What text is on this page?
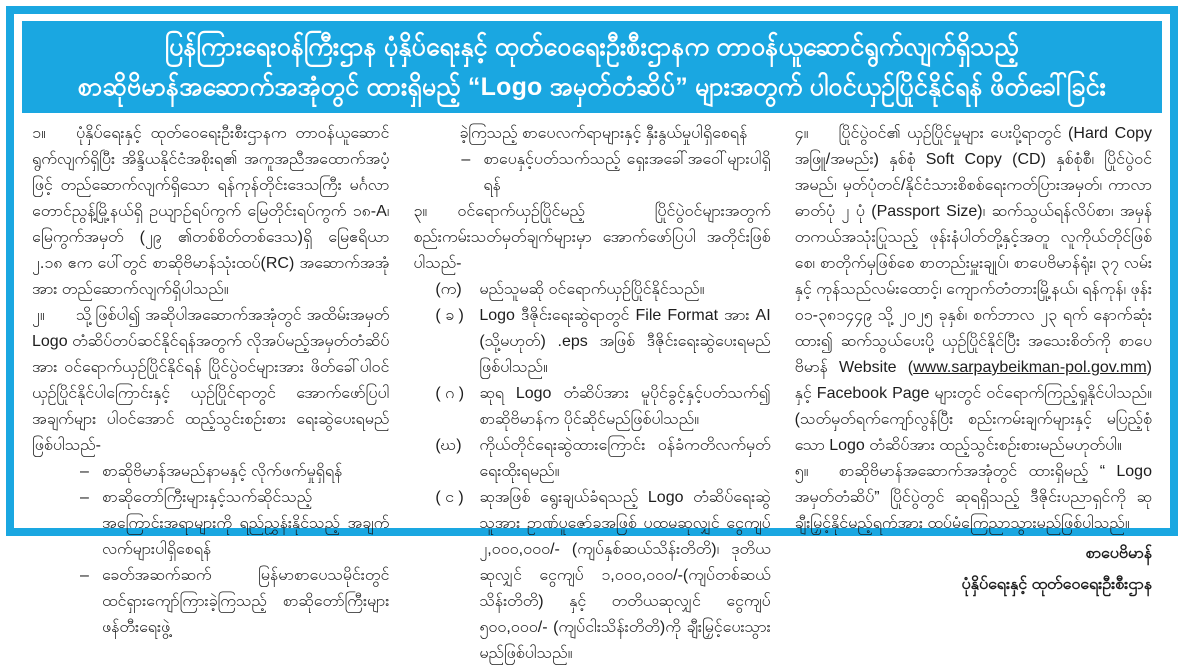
ပြန်ကြားရေးဝန်ကြီးဌာန ပုံနှိပ်ရေးနှင့် ထုတ်ဝေရေးဦးစီးဌာနက တာဝန်ယူဆောင်ရွက်လျက်ရှိသည့်
စာဆိုဗိမာန်အဆောက်အအုံတွင် ထားရှိမည့် “Logo အမှတ်တံဆိပ်” များအတွက် ပါဝင်ယှဉ်ပြိုင်နိုင်ရန် ဖိတ်ခေါ်ခြင်း
၁။ ပုံနှိပ်ရေးနှင့် ထုတ်ဝေရေးဦးစီးဌာနက တာဝန်ယူဆောင်ရွက်လျက်ရှိပြီး အိန္ဒိယနိုင်ငံအစိုးရ၏ အကူအညီအထောက်အပံ့ဖြင့် တည်ဆောက်လျက်ရှိသော ရန်ကုန်တိုင်းဒေသကြီး မင်္ဂလာတောင်ညွန့်မြို့နယ်ရှိ ဥယျာဉ်ရပ်ကွက် မြေတိုင်းရပ်ကွက် ၁၈-A၊ မြေကွက်အမှတ် (၂၉ ၏တစ်စိတ်တစ်ဒေသ)ရှိ မြေဧရိယာ ၂.၁၈ ဧက ပေါ်တွင် စာဆိုဗိမာန်သုံးထပ်(RC) အဆောက်အအုံအား တည်ဆောက်လျက်ရှိပါသည်။
၂။ သို့ဖြစ်ပါ၍ အဆိုပါအဆောက်အအုံတွင် အထိမ်းအမှတ် Logo တံဆိပ်တပ်ဆင်နိုင်ရန်အတွက် လိုအပ်မည့်အမှတ်တံဆိပ်အား ဝင်ရောက်ယှဉ်ပြိုင်နိုင်ရန် ပြိုင်ပွဲဝင်များအား ဖိတ်ခေါ်ပါဝင်ယှဉ်ပြိုင်နိုင်ပါကြောင်းနှင့် ယှဉ်ပြိုင်ရာတွင် အောက်ဖော်ပြပါအချက်များ ပါဝင်အောင် ထည့်သွင်းစဉ်းစား ရေးဆွဲပေးရမည်ဖြစ်ပါသည်-
– စာဆိုဗိမာန်အမည်နာမနှင့် လိုက်ဖက်မှုရှိရန်
– စာဆိုတော်ကြီးများနှင့်သက်ဆိုင်သည့်အကြောင်းအရာများကို ရည်ညွှန်းနိုင်သည့် အချက်လက်များပါရှိစေရန်
– ခေတ်အဆက်ဆက် မြန်မာစာပေသမိုင်းတွင် ထင်ရှားကျော်ကြားခဲ့ကြသည့် စာဆိုတော်ကြီးများ ဖန်တီးရေးဖွဲ့
ခဲ့ကြသည့် စာပေလက်ရာများနှင့် နှီးနွယ်မှုပါရှိစေရန်
– စာပေနှင့်ပတ်သက်သည့် ရှေးအခေါ်အဝေါ်များပါရှိရန်
၃။ ဝင်ရောက်ယှဉ်ပြိုင်မည့် ပြိုင်ပွဲဝင်များအတွက် စည်းကမ်းသတ်မှတ်ချက်များမှာ အောက်ဖော်ပြပါ အတိုင်းဖြစ်ပါသည်-
(က)	မည်သူမဆို ဝင်ရောက်ယှဉ်ပြိုင်နိုင်သည်။
( ခ ) Logo ဒီဇိုင်းရေးဆွဲရာတွင် File Format အား AI (သို့မဟုတ်) .eps အဖြစ် ဒီဇိုင်းရေးဆွဲပေးရမည် ဖြစ်ပါသည်။
( ဂ ) ဆုရ Logo တံဆိပ်အား မူပိုင်ခွင့်နှင့်ပတ်သက်၍ စာဆိုဗိမာန်က ပိုင်ဆိုင်မည်ဖြစ်ပါသည်။
(ဃ)	ကိုယ်တိုင်ရေးဆွဲထားကြောင်း ဝန်ခံကတိလက်မှတ် ရေးထိုးရမည်။
( င ) ဆုအဖြစ် ရွေးချယ်ခံရသည့် Logo တံဆိပ်ရေးဆွဲသူအား ဥာဏ်ပူဇော်ခအဖြစ် ပထမဆုလျှင် ငွေကျပ် ၂,၀၀၀,၀၀၀/- (ကျပ်နှစ်ဆယ်သိန်းတိတိ)၊ ဒုတိယဆုလျှင် ငွေကျပ် ၁,၀၀၀,၀၀၀/-(ကျပ်တစ်ဆယ်သိန်းတိတိ) နှင့် တတိယဆုလျှင် ငွေကျပ် ၅၀၀,၀၀၀/- (ကျပ်ငါးသိန်းတိတိ)ကို ချီးမြှင့်ပေးသွားမည်ဖြစ်ပါသည်။
၄။ ပြိုင်ပွဲဝင်၏ ယှဉ်ပြိုင်မှုများ ပေးပို့ရာတွင် (Hard Copy အဖြူ/အမည်း) နှစ်စုံ Soft Copy (CD) နှစ်စုံစီ၊ ပြိုင်ပွဲဝင် အမည်၊ မှတ်ပုံတင်/နိုင်ငံသားစိစစ်ရေးကတ်ပြားအမှတ်၊ ကာလာဓာတ်ပုံ ၂ ပုံ (Passport Size)၊ ဆက်သွယ်ရန်လိပ်စာ၊ အမှန်တကယ်အသုံးပြုသည့် ဖုန်းနံပါတ်တို့နှင့်အတူ လူကိုယ်တိုင်ဖြစ်စေ၊ စာတိုက်မှဖြစ်စေ စာတည်းမှူးချုပ်၊ စာပေဗိမာန်ရုံး၊ ၃၇ လမ်းနှင့် ကုန်သည်လမ်းထောင့်၊ ကျောက်တံတားမြို့နယ်၊ ရန်ကုန်၊ ဖုန်း ၀၁-၃၈၁၄၄၉ သို့ ၂၀၂၅ ခုနှစ်၊ စက်ဘာလ ၂၃ ရက် နောက်ဆုံးထား၍ ဆက်သွယ်ပေးပို့ ယှဉ်ပြိုင်နိုင်ပြီး အသေးစိတ်ကို စာပေဗိမာန် Website (www.sarpaybeikman-pol.gov.mm) နှင့် Facebook Page များတွင် ဝင်ရောက်ကြည့်ရှုနိုင်ပါသည်။ (သတ်မှတ်ရက်ကျော်လွန်ပြီး စည်းကမ်းချက်များနှင့် မပြည့်စုံသော Logo တံဆိပ်အား ထည့်သွင်းစဉ်းစားမည်မဟုတ်ပါ။
၅။ စာဆိုဗိမာန်အဆောက်အအုံတွင် ထားရှိမည့် “ Logo အမှတ်တံဆိပ်” ပြိုင်ပွဲတွင် ဆုရရှိသည့် ဒီဇိုင်းပညာရှင်ကို ဆုချီးမြှင့်နိုင်မည့်ရက်အား ထပ်မံကြေညာသွားမည်ဖြစ်ပါသည်။
စာပေဗိမာန်
ပုံနှိပ်ရေးနှင့် ထုတ်ဝေရေးဦးစီးဌာန
